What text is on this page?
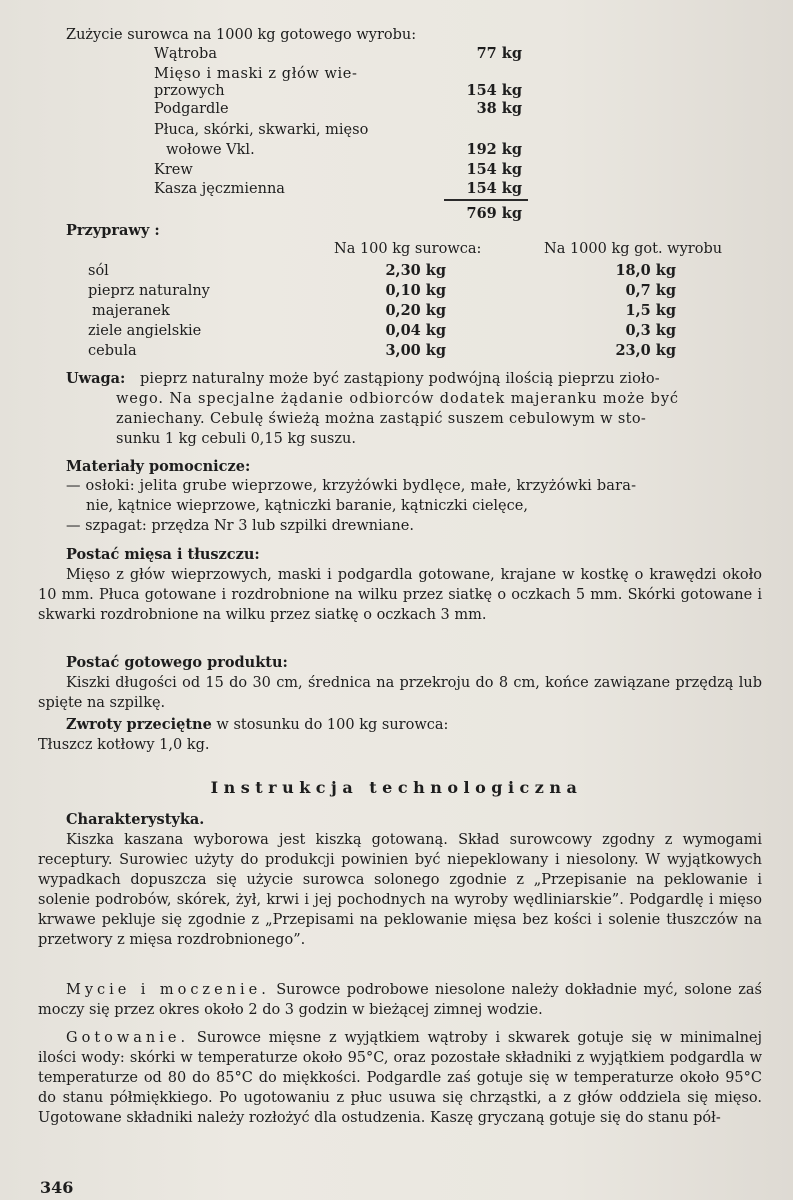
Zużycie surowca na 1000 kg gotowego wyrobu:
Wątroba	77 kg
Mięso i maski z głów wie-
przowych	154 kg
Podgardle	38 kg
Płuca, skórki, skwarki, mięso
wołowe Vkl.	192 kg
Krew	154 kg
Kasza jęczmienna	154 kg
769 kg
Przyprawy :
Na 100 kg surowca:	Na 1000 kg got. wyrobu
sól	2,30 kg	18,0 kg
pieprz naturalny	0,10 kg	0,7 kg
majeranek	0,20 kg	1,5 kg
ziele angielskie	0,04 kg	0,3 kg
cebula	3,00 kg	23,0 kg
Uwaga: pieprz naturalny może być zastąpiony podwójną ilością pieprzu zioło-
wego. Na specjalne żądanie odbiorców dodatek majeranku może być
zaniechany. Cebulę świeżą można zastąpić suszem cebulowym w sto-
sunku 1 kg cebuli 0,15 kg suszu.
Materiały pomocnicze:
— osłoki: jelita grube wieprzowe, krzyżówki bydlęce, małe, krzyżówki bara-
nie, kątnice wieprzowe, kątniczki baranie, kątniczki cielęce,
— szpagat: przędza Nr 3 lub szpilki drewniane.
Postać mięsa i tłuszczu:
Mięso z głów wieprzowych, maski i podgardla gotowane, krajane w kostkę o krawędzi około 10 mm. Płuca gotowane i rozdrobnione na wilku przez siatkę o oczkach 5 mm. Skórki gotowane i skwarki rozdrobnione na wilku przez siatkę o oczkach 3 mm.
Postać gotowego produktu:
Kiszki długości od 15 do 30 cm, średnica na przekroju do 8 cm, końce zawiązane przędzą lub spięte na szpilkę.
Zwroty przeciętne w stosunku do 100 kg surowca:
Tłuszcz kotłowy 1,0 kg.
Instrukcja technologiczna
Charakterystyka.
Kiszka kaszana wyborowa jest kiszką gotowaną. Skład surowcowy zgodny z wymogami receptury. Surowiec użyty do produkcji powinien być niepeklowany i niesolony. W wyjątkowych wypadkach dopuszcza się użycie surowca solonego zgodnie z „Przepisanie na peklowanie i solenie podrobów, skórek, żył, krwi i jej pochodnych na wyroby wędliniarskie”. Podgardlę i mięso krwawe pekluje się zgodnie z „Przepisami na peklowanie mięsa bez kości i solenie tłuszczów na przetwory z mięsa rozdrobnionego”.
Mycie i moczenie. Surowce podrobowe niesolone należy dokładnie myć, solone zaś moczy się przez okres około 2 do 3 godzin w bieżącej zimnej wodzie.
Gotowanie. Surowce mięsne z wyjątkiem wątroby i skwarek gotuje się w minimalnej ilości wody: skórki w temperaturze około 95°C, oraz pozostałe składniki z wyjątkiem podgardla w temperaturze od 80 do 85°C do miękkości. Podgardle zaś gotuje się w temperaturze około 95°C do stanu półmiękkiego. Po ugotowaniu z płuc usuwa się chrząstki, a z głów oddziela się mięso. Ugotowane składniki należy rozłożyć dla ostudzenia. Kaszę gryczaną gotuje się do stanu pół-
346
